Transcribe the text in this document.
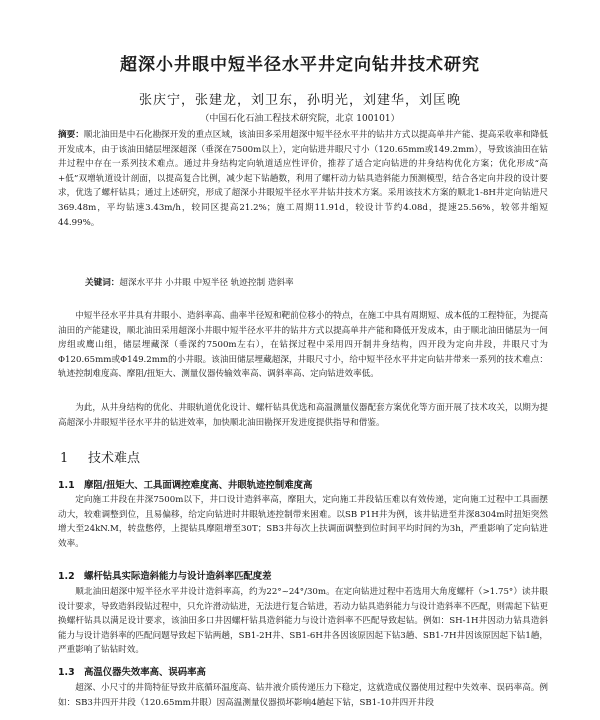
超深小井眼中短半径水平井定向钻井技术研究
张庆宁，张建龙，刘卫东，孙明光，刘建华，刘匡晚
（中国石化石油工程技术研究院，北京 100101）
摘要：顺北油田是中石化勘探开发的重点区域，该油田多采用超深中短半径水平井的钻井方式以提高单井产能、提高采收率和降低开发成本，由于该油田储层埋深超深（垂深在7500m以上），定向钻进井眼尺寸小（120.65mm或149.2mm），导致该油田在钻井过程中存在一系列技术难点。通过井身结构定向轨道适应性评价，推荐了适合定向钻进的井身结构优化方案；优化形成“高+低”双增轨道设计剖面，以提高复合比例，减少起下钻趟数，利用了螺杆动力钻具造斜能力预测模型，结合各定向井段的设计要求，优选了螺杆钻具；通过上述研究，形成了超深小井眼短半径水平井钻井技术方案。采用该技术方案的顺北1-8H井定向钻进尺369.48m，平均钻速3.43m/h，较同区提高21.2%；施工周期11.91d，较设计节约4.08d，提速25.56%，较邻井缩短44.99%。
关键词：超深水平井 小井眼 中短半径 轨迹控制 造斜率
中短半径水平井具有井眼小、造斜率高、曲率半径短和靶前位移小的特点，在施工中具有周期短、成本低的工程特征，为提高油田的产能建设，顺北油田采用超深小井眼中短半径水平井的钻井方式以提高单井产能和降低开发成本，由于顺北油田储层为一间房组或鹰山组，储层埋藏深（垂深约7500m左右），在钻探过程中采用四开制井身结构，四开段为定向井段，井眼尺寸为Φ120.65mm或Φ149.2mm的小井眼。该油田储层埋藏超深，井眼尺寸小，给中短半径水平井定向钻井带来一系列的技术难点：轨迹控制难度高、摩阻/扭矩大、测量仪器传输效率高、调斜率高、定向钻进效率低。
为此，从井身结构的优化、井眼轨道优化设计、螺杆钻具优选和高温测量仪器配套方案优化等方面开展了技术攻关，以期为提高超深小井眼短半径水平井的钻进效率，加快顺北油田勘探开发进度提供指导和借鉴。
1 技术难点
1.1 摩阻/扭矩大、工具面调控难度高、井眼轨迹控制难度高
定向施工井段在井深7500m以下，井口设计造斜率高，摩阻大，定向施工井段钻压难以有效传递，定向施工过程中工具面摆动大，较难调整到位，且易偏移，给定向钻进时井眼轨迹控制带来困难。以SB P1H井为例，该井钻进至井深8304m时扭矩突然增大至24kN.M，转盘憋停，上提钻具摩阻增至30T；SB3井每次上扶调面调整到位时间平均时间约为3h，严重影响了定向钻进效率。
1.2 螺杆钻具实际造斜能力与设计造斜率匹配度差
顺北油田超深中短半径水平井设计造斜率高，约为22°~24°/30m。在定向钻进过程中若选用大角度螺杆（>1.75°）读井眼设计要求，导致造斜段钻过程中，只允许滑动钻进，无法进行复合钻进，若动力钻具造斜能力与设计造斜率不匹配，则需起下钻更换螺杆钻具以满足设计要求，该油田多口井因螺杆钻具造斜能力与设计造斜率不匹配导致起钻。例如：SH-1H井因动力钻具造斜能力与设计造斜率的匹配问题导致起下钻两趟，SB1-2H井、SB1-6H井各因该原因起下钻3趟、SB1-7H井因该原因起下钻1趟，严重影响了钻钻时效。
1.3 高温仪器失效率高、误码率高
超深、小尺寸的井筒特征导致井底循环温度高、钻井液介质传递压力下稳定，这就造成仪器使用过程中失效率、误码率高。例如：SB3井四开井段（120.65mm井眼）因高温测量仪器损坏影响4趟起下钻，SB1-10井四开井段
